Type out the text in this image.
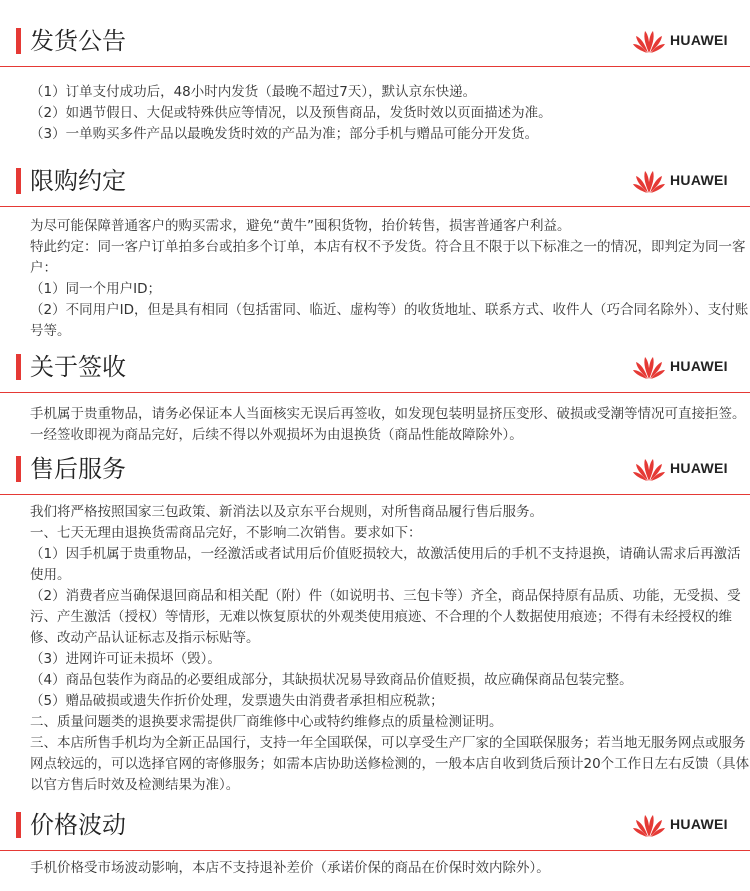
发货公告	HUAWEI

（1）订单支付成功后，48小时内发货（最晚不超过7天），默认京东快递。

（2）如遇节假日、大促或特殊供应等情况，以及预售商品，发货时效以页面描述为准。

（3）一单购买多件产品以最晚发货时效的产品为准；部分手机与赠品可能分开发货。

限购约定	HUAWEI

为尽可能保障普通客户的购买需求，避免“黄牛”囤积货物，抬价转售，损害普通客户利益。

特此约定：同一客户订单拍多台或拍多个订单，本店有权不予发货。符合且不限于以下标准之一的情况，即判定为同一客户：

（1）同一个用户ID；

（2）不同用户ID，但是具有相同（包括雷同、临近、虚构等）的收货地址、联系方式、收件人（巧合同名除外）、支付账号等。

关于签收	HUAWEI

手机属于贵重物品，请务必保证本人当面核实无误后再签收，如发现包装明显挤压变形、破损或受潮等情况可直接拒签。一经签收即视为商品完好，后续不得以外观损坏为由退换货（商品性能故障除外）。

售后服务	HUAWEI

我们将严格按照国家三包政策、新消法以及京东平台规则，对所售商品履行售后服务。

一、七天无理由退换货需商品完好，不影响二次销售。要求如下：

（1）因手机属于贵重物品，一经激活或者试用后价值贬损较大，故激活使用后的手机不支持退换，请确认需求后再激活使用。

（2）消费者应当确保退回商品和相关配（附）件（如说明书、三包卡等）齐全，商品保持原有品质、功能，无受损、受污、产生激活（授权）等情形，无难以恢复原状的外观类使用痕迹、不合理的个人数据使用痕迹；不得有未经授权的维修、改动产品认证标志及指示标贴等。

（3）进网许可证未损坏（毁）。

（4）商品包装作为商品的必要组成部分，其缺损状况易导致商品价值贬损，故应确保商品包装完整。

（5）赠品破损或遗失作折价处理，发票遗失由消费者承担相应税款；

二、质量问题类的退换要求需提供厂商维修中心或特约维修点的质量检测证明。

三、本店所售手机均为全新正品国行，支持一年全国联保，可以享受生产厂家的全国联保服务；若当地无服务网点或服务网点较远的，可以选择官网的寄修服务；如需本店协助送修检测的，一般本店自收到货后预计20个工作日左右反馈（具体以官方售后时效及检测结果为准）。

价格波动	HUAWEI

手机价格受市场波动影响，本店不支持退补差价（承诺价保的商品在价保时效内除外）。
